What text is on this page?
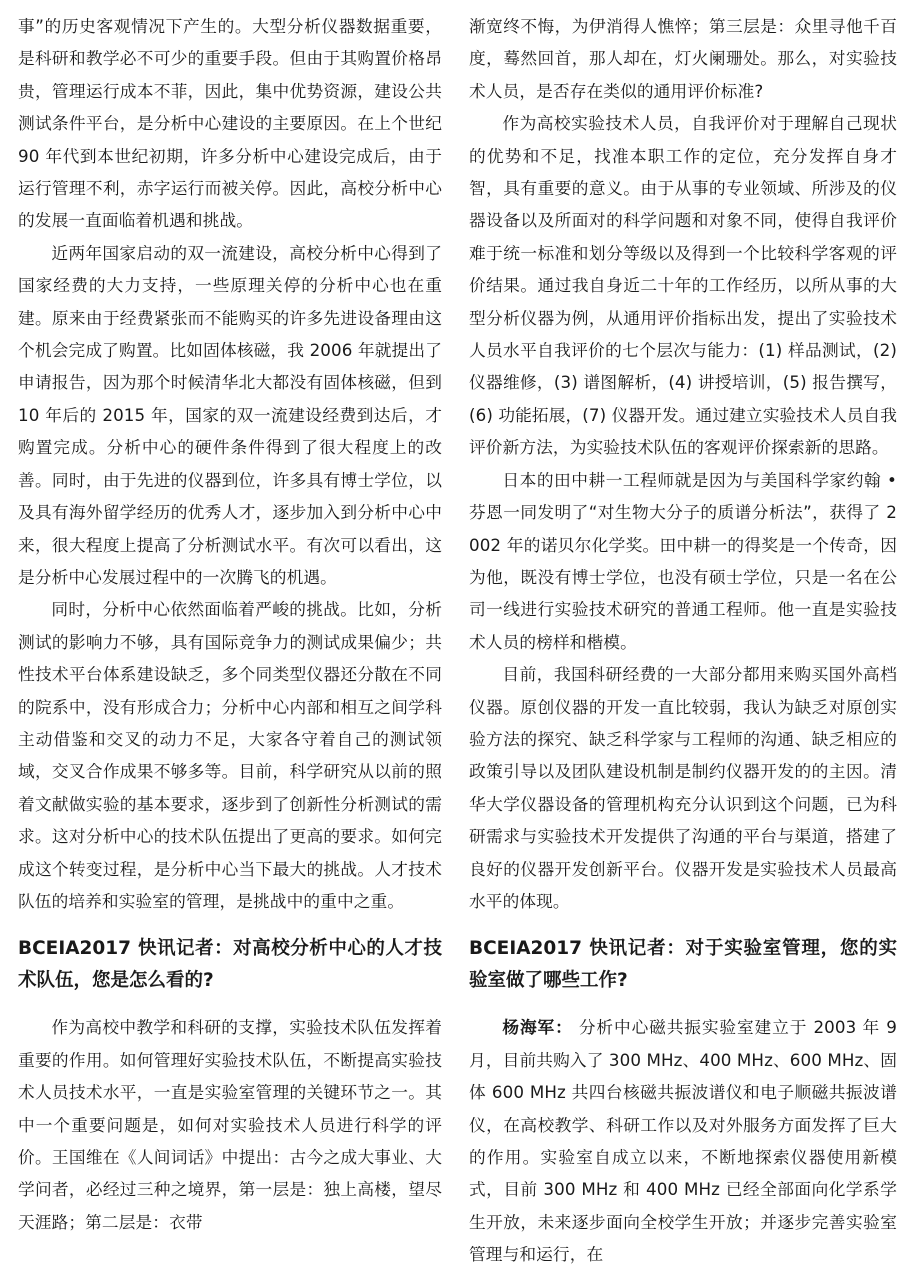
事”的历史客观情况下产生的。大型分析仪器数据重要，是科研和教学必不可少的重要手段。但由于其购置价格昂贵，管理运行成本不菲，因此，集中优势资源，建设公共测试条件平台，是分析中心建设的主要原因。在上个世纪 90 年代到本世纪初期，许多分析中心建设完成后，由于运行管理不利，赤字运行而被关停。因此，高校分析中心的发展一直面临着机遇和挑战。

近两年国家启动的双一流建设，高校分析中心得到了国家经费的大力支持，一些原理关停的分析中心也在重建。原来由于经费紧张而不能购买的许多先进设备理由这个机会完成了购置。比如固体核磁，我 2006 年就提出了申请报告，因为那个时候清华北大都没有固体核磁，但到 10 年后的 2015 年，国家的双一流建设经费到达后，才购置完成。分析中心的硬件条件得到了很大程度上的改善。同时，由于先进的仪器到位，许多具有博士学位，以及具有海外留学经历的优秀人才，逐步加入到分析中心中来，很大程度上提高了分析测试水平。有次可以看出，这是分析中心发展过程中的一次腾飞的机遇。

同时，分析中心依然面临着严峻的挑战。比如，分析测试的影响力不够，具有国际竞争力的测试成果偏少；共性技术平台体系建设缺乏，多个同类型仪器还分散在不同的院系中，没有形成合力；分析中心内部和相互之间学科主动借鉴和交叉的动力不足，大家各守着自己的测试领域，交叉合作成果不够多等。目前，科学研究从以前的照着文献做实验的基本要求，逐步到了创新性分析测试的需求。这对分析中心的技术队伍提出了更高的要求。如何完成这个转变过程，是分析中心当下最大的挑战。人才技术队伍的培养和实验室的管理，是挑战中的重中之重。

BCEIA2017 快讯记者：对高校分析中心的人才技术队伍，您是怎么看的?

作为高校中教学和科研的支撑，实验技术队伍发挥着重要的作用。如何管理好实验技术队伍，不断提高实验技术人员技术水平，一直是实验室管理的关键环节之一。其中一个重要问题是，如何对实验技术人员进行科学的评价。王国维在《人间词话》中提出：古今之成大事业、大学问者，必经过三种之境界，第一层是：独上高楼，望尽天涯路；第二层是：衣带

渐宽终不悔，为伊消得人憔悴；第三层是：众里寻他千百度，蓦然回首，那人却在，灯火阑珊处。那么，对实验技术人员，是否存在类似的通用评价标准?

作为高校实验技术人员，自我评价对于理解自己现状的优势和不足，找准本职工作的定位，充分发挥自身才智，具有重要的意义。由于从事的专业领域、所涉及的仪器设备以及所面对的科学问题和对象不同，使得自我评价难于统一标准和划分等级以及得到一个比较科学客观的评价结果。通过我自身近二十年的工作经历，以所从事的大型分析仪器为例，从通用评价指标出发，提出了实验技术人员水平自我评价的七个层次与能力：(1) 样品测试，(2) 仪器维修，(3) 谱图解析，(4) 讲授培训，(5) 报告撰写，(6) 功能拓展，(7) 仪器开发。通过建立实验技术人员自我评价新方法，为实验技术队伍的客观评价探索新的思路。

日本的田中耕一工程师就是因为与美国科学家约翰 • 芬恩一同发明了“对生物大分子的质谱分析法”，获得了 2002 年的诺贝尔化学奖。田中耕一的得奖是一个传奇，因为他，既没有博士学位，也没有硕士学位，只是一名在公司一线进行实验技术研究的普通工程师。他一直是实验技术人员的榜样和楷模。

目前，我国科研经费的一大部分都用来购买国外高档仪器。原创仪器的开发一直比较弱，我认为缺乏对原创实验方法的探究、缺乏科学家与工程师的沟通、缺乏相应的政策引导以及团队建设机制是制约仪器开发的的主因。清华大学仪器设备的管理机构充分认识到这个问题，已为科研需求与实验技术开发提供了沟通的平台与渠道，搭建了良好的仪器开发创新平台。仪器开发是实验技术人员最高水平的体现。

BCEIA2017 快讯记者：对于实验室管理，您的实验室做了哪些工作?

杨海军： 分析中心磁共振实验室建立于 2003 年 9 月，目前共购入了 300 MHz、400 MHz、600 MHz、固体 600 MHz 共四台核磁共振波谱仪和电子顺磁共振波谱仪，在高校教学、科研工作以及对外服务方面发挥了巨大的作用。实验室自成立以来，不断地探索仪器使用新模式，目前 300 MHz 和 400 MHz 已经全部面向化学系学生开放，未来逐步面向全校学生开放；并逐步完善实验室管理与和运行，在
